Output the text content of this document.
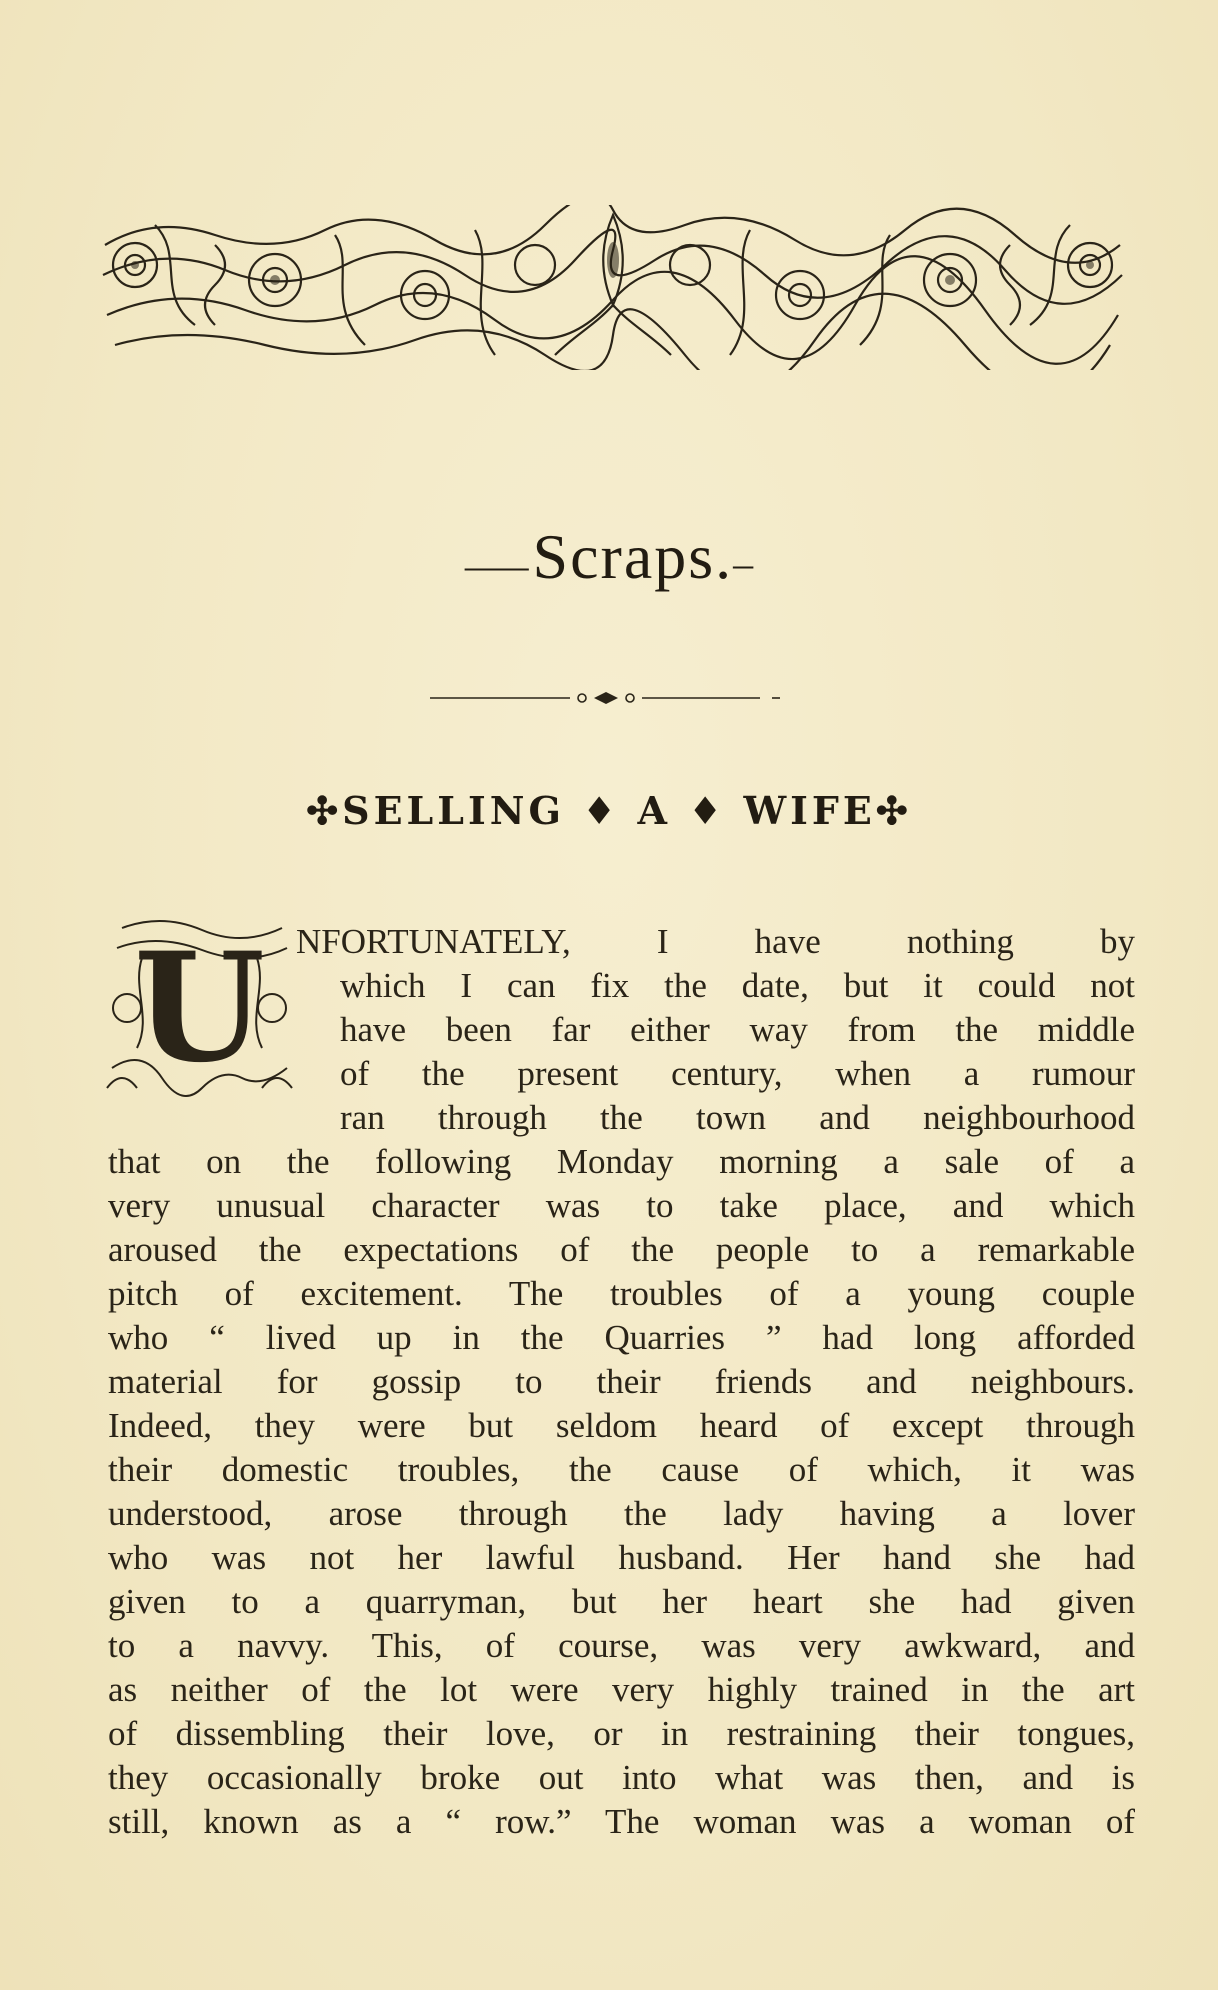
⸺Scraps.–
✣SELLING ♦ A ♦ WIFE✣
U NFORTUNATELY, I have nothing by
which I can fix the date, but it could not
have been far either way from the middle
of the present century, when a rumour
ran through the town and neighbourhood
that on the following Monday morning a sale of a
very unusual character was to take place, and which
aroused the expectations of the people to a remarkable
pitch of excitement. The troubles of a young couple
who “ lived up in the Quarries ” had long afforded
material for gossip to their friends and neighbours.
Indeed, they were but seldom heard of except through
their domestic troubles, the cause of which, it was
understood, arose through the lady having a lover
who was not her lawful husband. Her hand she had
given to a quarryman, but her heart she had given
to a navvy. This, of course, was very awkward, and
as neither of the lot were very highly trained in the art
of dissembling their love, or in restraining their tongues,
they occasionally broke out into what was then, and is
still, known as a “ row.” The woman was a woman of
